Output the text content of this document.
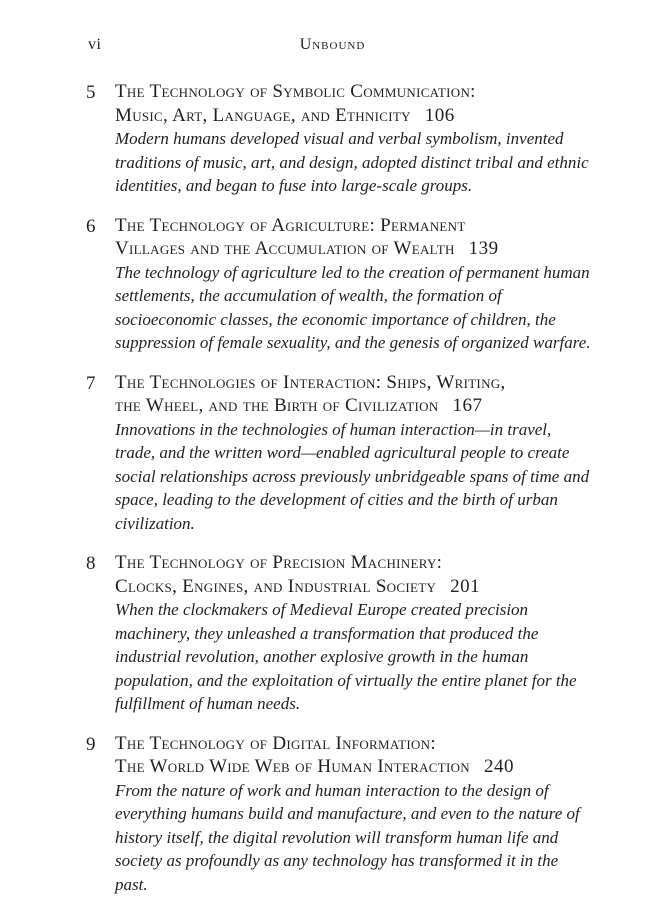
vi	Unbound
5 The Technology of Symbolic Communication:
Music, Art, Language, and Ethnicity 106
Modern humans developed visual and verbal symbolism, invented traditions of music, art, and design, adopted distinct tribal and ethnic identities, and began to fuse into large-scale groups.
6 The Technology of Agriculture: Permanent
Villages and the Accumulation of Wealth 139
The technology of agriculture led to the creation of permanent human settlements, the accumulation of wealth, the formation of socioeconomic classes, the economic importance of children, the suppression of female sexuality, and the genesis of organized warfare.
7 The Technologies of Interaction: Ships, Writing,
the Wheel, and the Birth of Civilization 167
Innovations in the technologies of human interaction—in travel, trade, and the written word—enabled agricultural people to create social relationships across previously unbridgeable spans of time and space, leading to the development of cities and the birth of urban civilization.
8 The Technology of Precision Machinery:
Clocks, Engines, and Industrial Society 201
When the clockmakers of Medieval Europe created precision machinery, they unleashed a transformation that produced the industrial revolution, another explosive growth in the human population, and the exploitation of virtually the entire planet for the fulfillment of human needs.
9 The Technology of Digital Information:
The World Wide Web of Human Interaction 240
From the nature of work and human interaction to the design of everything humans build and manufacture, and even to the nature of history itself, the digital revolution will transform human life and society as profoundly as any technology has transformed it in the past.
